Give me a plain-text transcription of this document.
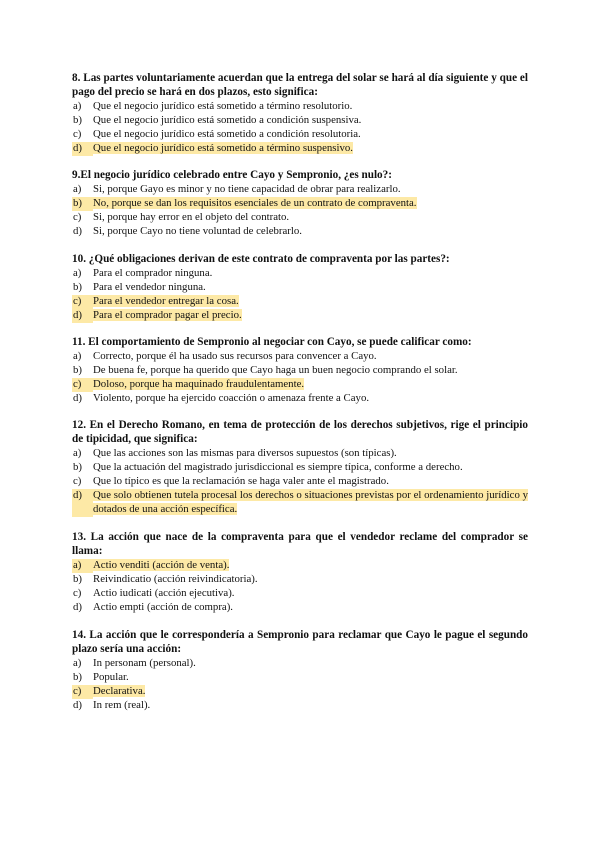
8. Las partes voluntariamente acuerdan que la entrega del solar se hará al día siguiente y que el pago del precio se hará en dos plazos, esto significa:
a)	Que el negocio jurídico está sometido a término resolutorio.
b)	Que el negocio jurídico está sometido a condición suspensiva.
c)	Que el negocio jurídico está sometido a condición resolutoria.
d)	Que el negocio jurídico está sometido a término suspensivo.
9.El negocio jurídico celebrado entre Cayo y Sempronio, ¿es nulo?:
a)	Si, porque Gayo es minor y no tiene capacidad de obrar para realizarlo.
b)	No, porque se dan los requisitos esenciales de un contrato de compraventa.
c)	Si, porque hay error en el objeto del contrato.
d)	Si, porque Cayo no tiene voluntad de celebrarlo.
10. ¿Qué obligaciones derivan de este contrato de compraventa por las partes?:
a)	Para el comprador ninguna.
b)	Para el vendedor ninguna.
c)	Para el vendedor entregar la cosa.
d)	Para el comprador pagar el precio.
11. El comportamiento de Sempronio al negociar con Cayo, se puede calificar como:
a)	Correcto, porque él ha usado sus recursos para convencer a Cayo.
b)	De buena fe, porque ha querido que Cayo haga un buen negocio comprando el solar.
c)	Doloso, porque ha maquinado fraudulentamente.
d)	Violento, porque ha ejercido coacción o amenaza frente a Cayo.
12. En el Derecho Romano, en tema de protección de los derechos subjetivos, rige el principio de tipicidad, que significa:
a)	Que las acciones son las mismas para diversos supuestos (son típicas).
b)	Que la actuación del magistrado jurisdiccional es siempre típica, conforme a derecho.
c)	Que lo típico es que la reclamación se haga valer ante el magistrado.
d)	Que solo obtienen tutela procesal los derechos o situaciones previstas por el ordenamiento jurídico y dotados de una acción específica.
13. La acción que nace de la compraventa para que el vendedor reclame del comprador se llama:
a)	Actio venditi (acción de venta).
b)	Reivindicatio (acción reivindicatoria).
c)	Actio iudicati (acción ejecutiva).
d)	Actio empti (acción de compra).
14. La acción que le correspondería a Sempronio para reclamar que Cayo le pague el segundo plazo sería una acción:
a)	In personam (personal).
b)	Popular.
c)	Declarativa.
d)	In rem (real).
